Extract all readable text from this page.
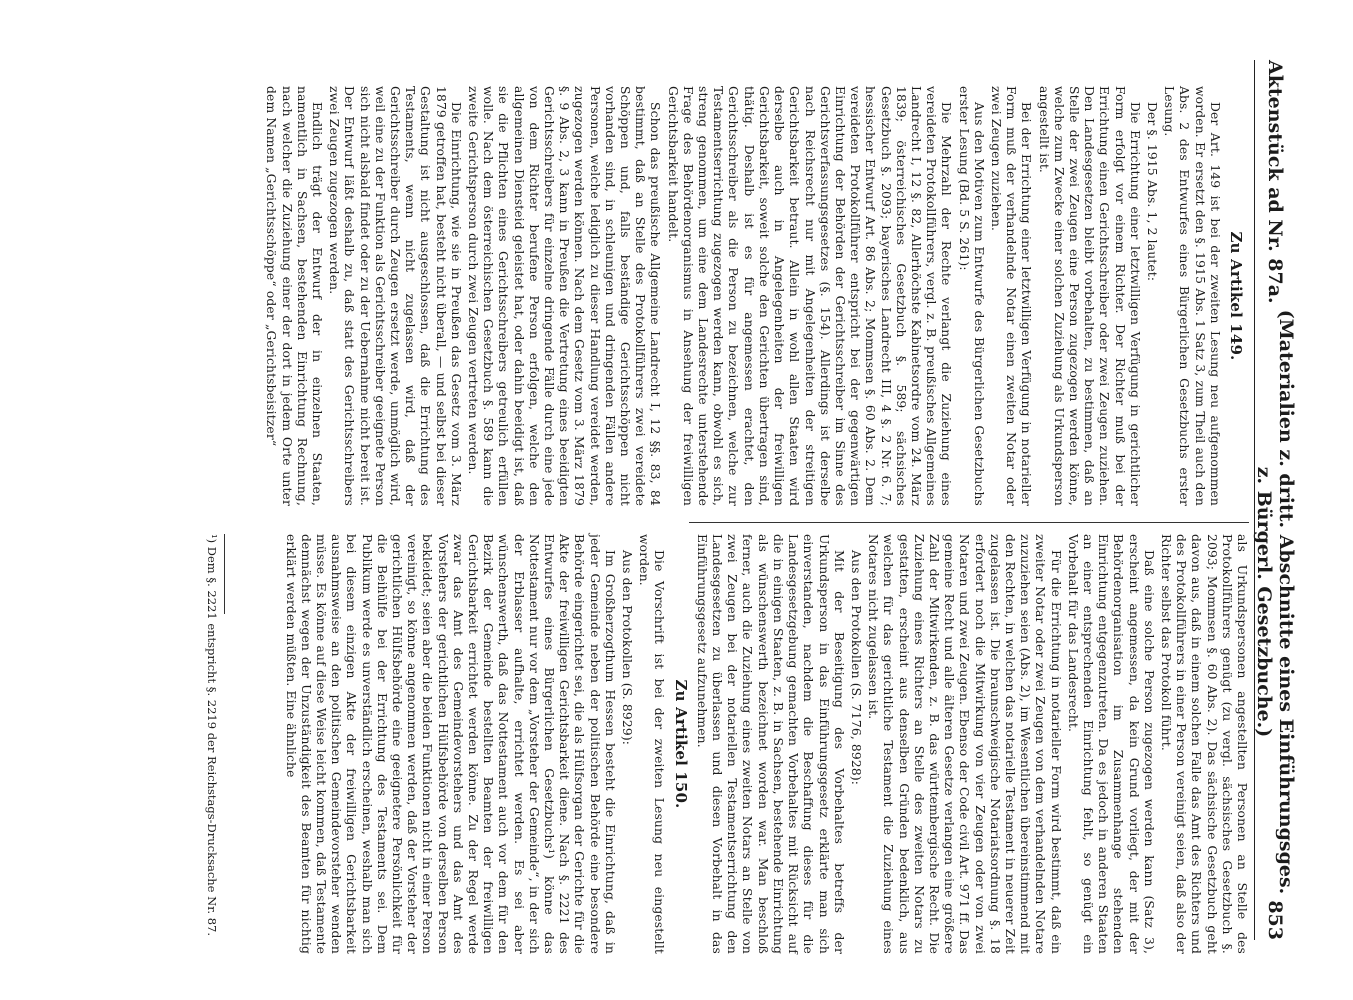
Aktenstück ad Nr. 87a.
(Materialien z. dritt. Abschnitte eines Einführungsges. z. Bürgerl. Gesetzbuche.)
853
Zu Artikel 149.

Der Art. 149 ist bei der zweiten Lesung neu aufgenommen worden. Er ersetzt den §. 1915 Abs. 1 Satz 3, zum Theil auch den Abs. 2 des Entwurfes eines Bürgerlichen Gesetzbuchs erster Lesung.

Der §. 1915 Abs. 1, 2 lautet:

Die Errichtung einer letztwilligen Verfügung in gerichtlicher Form erfolgt vor einem Richter. Der Richter muß bei der Errichtung einen Gerichtsschreiber oder zwei Zeugen zuziehen. Den Landesgesetzen bleibt vorbehalten, zu bestimmen, daß an Stelle der zwei Zeugen eine Person zugezogen werden könne, welche zum Zwecke einer solchen Zuziehung als Urkundsperson angestellt ist.

Bei der Errichtung einer letztwilligen Verfügung in notarieller Form muß der verhandelnde Notar einen zweiten Notar oder zwei Zeugen zuziehen.

Aus den Motiven zum Entwurfe des Bürgerlichen Gesetzbuchs erster Lesung (Bd. 5 S. 261):

Die Mehrzahl der Rechte verlangt die Zuziehung eines vereideten Protokollführers, vergl. z. B. preußisches Allgemeines Landrecht I, 12 §. 82, Allerhöchste Kabinetsordre vom 24. März 1839; österreichisches Gesetzbuch §. 589; sächsisches Gesetzbuch §. 2093; bayerisches Landrecht III, 4 §. 2 Nr. 6. 7; hessischer Entwurf Art. 86 Abs. 2; Mommsen §. 60 Abs. 2. Dem vereideten Protokollführer entspricht bei der gegenwärtigen Einrichtung der Behörden der Gerichtsschreiber im Sinne des Gerichtsverfassungsgesetzes (§. 154). Allerdings ist derselbe nach Reichsrecht nur mit Angelegenheiten der streitigen Gerichtsbarkeit betraut. Allein in wohl allen Staaten wird derselbe auch in Angelegenheiten der freiwilligen Gerichtsbarkeit, soweit solche den Gerichten übertragen sind, thätig. Deshalb ist es für angemessen erachtet, den Gerichtsschreiber als die Person zu bezeichnen, welche zur Testamentserrichtung zugezogen werden kann, obwohl es sich, streng genommen, um eine dem Landesrechte unterstehende Frage des Behördenorganismus in Ansehung der freiwilligen Gerichtsbarkeit handelt.

Schon das preußische Allgemeine Landrecht I, 12 §§. 83, 84 bestimmt, daß an Stelle des Protokollführers zwei vereidete Schöppen und, falls beständige Gerichtsschöppen nicht vorhanden sind, in schleunigen und dringenden Fällen andere Personen, welche lediglich zu dieser Handlung vereidet werden, zugezogen werden können. Nach dem Gesetz vom 3. März 1879 §. 9 Abs. 2, 3 kann in Preußen die Vertretung eines beeidigten Gerichtsschreibers für einzelne dringende Fälle durch eine jede von dem Richter berufene Person erfolgen, welche den allgemeinen Diensteid geleistet hat, oder dahin beeidigt ist, daß sie die Pflichten eines Gerichtsschreibers getreulich erfüllen wolle. Nach dem österreichischen Gesetzbuch §. 589 kann die zweite Gerichtsperson durch zwei Zeugen vertreten werden.

Die Einrichtung, wie sie in Preußen das Gesetz vom 3. März 1879 getroffen hat, besteht nicht überall, — und selbst bei dieser Gestaltung ist nicht ausgeschlossen, daß die Errichtung des Testaments, wenn nicht zugelassen wird, daß der Gerichtsschreiber durch Zeugen ersetzt werde, unmöglich wird, weil eine zu der Funktion als Gerichtsschreiber geeignete Person sich nicht alsbald findet oder zu der Uebernahme nicht bereit ist. Der Entwurf läßt deshalb zu, daß statt des Gerichtsschreibers zwei Zeugen zugezogen werden.

Endlich trägt der Entwurf der in einzelnen Staaten, namentlich in Sachsen, bestehenden Einrichtung Rechnung, nach welcher die Zuziehung einer der dort in jedem Orte unter dem Namen „Gerichtsschöppe“ oder „Gerichtsbeisitzer“

als Urkundspersonen angestellten Personen an Stelle des Protokollführers genügt (zu vergl. sächsisches Gesetzbuch §. 2093; Mommsen §. 60 Abs. 2). Das sächsische Gesetzbuch geht davon aus, daß in einem solchen Falle das Amt des Richters und des Protokollführers in einer Person vereinigt seien, daß also der Richter selbst das Protokoll führt.

Daß eine solche Person zugezogen werden kann (Satz 3), erscheint angemessen, da kein Grund vorliegt, der mit der Behördenorganisation im Zusammenhange stehenden Einrichtung entgegenzutreten. Da es jedoch in anderen Staaten an einer entsprechenden Einrichtung fehlt, so genügt ein Vorbehalt für das Landesrecht.

Für die Errichtung in notarieller Form wird bestimmt, daß ein zweiter Notar oder zwei Zeugen von dem verhandelnden Notare zuzuziehen seien (Abs. 2), im Wesentlichen übereinstimmend mit den Rechten, in welchen das notarielle Testament in neuerer Zeit zugelassen ist. Die braunschweigische Notariatsordnung §. 18 erfordert noch die Mitwirkung von vier Zeugen oder von zwei Notaren und zwei Zeugen. Ebenso der Code civil Art. 971 ff. Das gemeine Recht und alle älteren Gesetze verlangen eine größere Zahl der Mitwirkenden, z. B. das württembergische Recht. Die Zuziehung eines Richters an Stelle des zweiten Notars zu gestatten, erscheint aus denselben Gründen bedenklich, aus welchen für das gerichtliche Testament die Zuziehung eines Notares nicht zugelassen ist.

Aus den Protokollen (S. 7176, 8928):

Mit der Beseitigung des Vorbehaltes betreffs der Urkundsperson in das Einführungsgesetz erklärte man sich einverstanden, nachdem die Beschaffung dieses für die Landesgesetzgebung gemachten Vorbehaltes mit Rücksicht auf die in einigen Staaten, z. B. in Sachsen, bestehende Einrichtung als wünschenswerth bezeichnet worden war. Man beschloß ferner, auch die Zuziehung eines zweiten Notars an Stelle von zwei Zeugen bei der notariellen Testamentserrichtung den Landesgesetzen zu überlassen und diesen Vorbehalt in das Einführungsgesetz aufzunehmen.

Zu Artikel 150.

Die Vorschrift ist bei der zweiten Lesung neu eingestellt worden.

Aus den Protokollen (S. 8929):

Im Großherzogthum Hessen besteht die Einrichtung, daß in jeder Gemeinde neben der politischen Behörde eine besondere Behörde eingerichtet sei, die als Hülfsorgan der Gerichte für die Akte der freiwilligen Gerichtsbarkeit diene. Nach §. 2221 des Entwurfes eines Bürgerlichen Gesetzbuchs¹) könne das Nottestament nur vor dem „Vorsteher der Gemeinde“, in der sich der Erblasser aufhalte, errichtet werden. Es sei aber wünschenswerth, daß das Nottestament auch vor dem für den Bezirk der Gemeinde bestellten Beamten der freiwilligen Gerichtsbarkeit errichtet werden könne. Zu der Regel werde zwar das Amt des Gemeindevorstehers und das Amt des Vorstehers der gerichtlichen Hülfsbehörde von derselben Person bekleidet; seien aber die beiden Funktionen nicht in einer Person vereinigt, so könne angenommen werden, daß der Vorsteher der gerichtlichen Hülfsbehörde eine geeignetere Persönlichkeit für die Beihülfe bei der Errichtung des Testaments sei. Dem Publikum werde es unverständlich erscheinen, weshalb man sich bei diesem einzigen Akte der freiwilligen Gerichtsbarkeit ausnahmsweise an den politischen Gemeindevorsteher wenden müsse. Es könne auf diese Weise leicht kommen, daß Testamente demnächst wegen der Unzuständigkeit des Beamten für nichtig erklärt werden müßten. Eine ähnliche

¹) Dem §. 2221 entspricht §. 2219 der Reichstags-Drucksache Nr. 87.
